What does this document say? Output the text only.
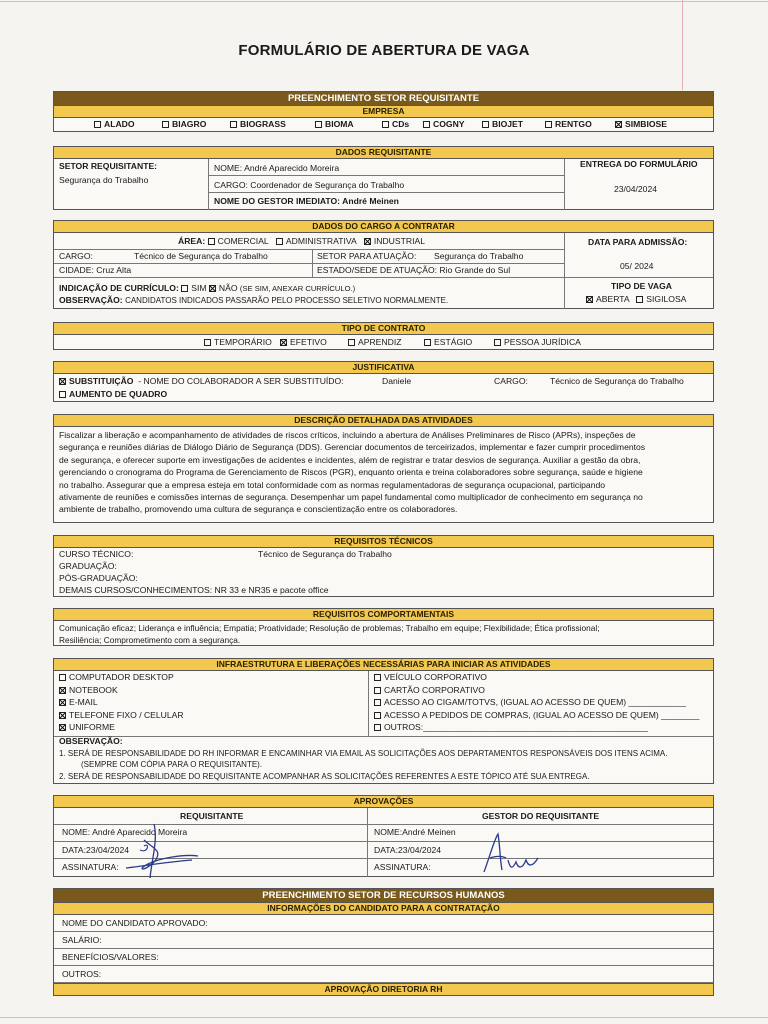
FORMULÁRIO DE ABERTURA DE VAGA
PREENCHIMENTO SETOR REQUISITANTE
EMPRESA
ALADO	BIAGRO	BIOGRASS	BIOMA	CDs	COGNY	BIOJET	RENTGO	SIMBIOSE
DADOS REQUISITANTE
SETOR REQUISITANTE:
Segurança do Trabalho
NOME: André Aparecido Moreira
CARGO: Coordenador de Segurança do Trabalho
NOME DO GESTOR IMEDIATO: André Meinen
ENTREGA DO FORMULÁRIO
23/04/2024
DADOS DO CARGO A CONTRATAR
ÁREA: COMERCIAL ADMINISTRATIVA INDUSTRIAL
CARGO:	Técnico de Segurança do Trabalho	SETOR PARA ATUAÇÃO: Segurança do Trabalho
CIDADE: Cruz Alta	ESTADO/SEDE DE ATUAÇÃO: Rio Grande do Sul
DATA PARA ADMISSÃO:
05/ 2024
INDICAÇÃO DE CURRÍCULO: SIM NÃO (SE SIM, ANEXAR CURRÍCULO.)
OBSERVAÇÃO: CANDIDATOS INDICADOS PASSARÃO PELO PROCESSO SELETIVO NORMALMENTE.
TIPO DE VAGA
ABERTA SIGILOSA
TIPO DE CONTRATO
TEMPORÁRIO	EFETIVO	APRENDIZ	ESTÁGIO	PESSOA JURÍDICA
JUSTIFICATIVA
SUBSTITUIÇÃO - NOME DO COLABORADOR A SER SUBSTITUÍDO:	Daniele	CARGO:	Técnico de Segurança do Trabalho
AUMENTO DE QUADRO
DESCRIÇÃO DETALHADA DAS ATIVIDADES
Fiscalizar a liberação e acompanhamento de atividades de riscos críticos, incluindo a abertura de Análises Preliminares de Risco (APRs), inspeções de
segurança e reuniões diárias de Diálogo Diário de Segurança (DDS). Gerenciar documentos de terceirizados, implementar e fazer cumprir procedimentos
de segurança, e oferecer suporte em investigações de acidentes e incidentes, além de registrar e tratar desvios de segurança. Auxiliar a gestão da obra,
gerenciando o cronograma do Programa de Gerenciamento de Riscos (PGR), enquanto orienta e treina colaboradores sobre segurança, saúde e higiene
no trabalho. Assegurar que a empresa esteja em total conformidade com as normas regulamentadoras de segurança ocupacional, participando
ativamente de reuniões e comissões internas de segurança. Desempenhar um papel fundamental como multiplicador de conhecimento em segurança no
ambiente de trabalho, promovendo uma cultura de segurança e conscientização entre os colaboradores.
REQUISITOS TÉCNICOS
CURSO TÉCNICO:	Técnico de Segurança do Trabalho
GRADUAÇÃO:
PÓS-GRADUAÇÃO:
DEMAIS CURSOS/CONHECIMENTOS: NR 33 e NR35 e pacote office
REQUISITOS COMPORTAMENTAIS
Comunicação eficaz; Liderança e influência; Empatia; Proatividade; Resolução de problemas; Trabalho em equipe; Flexibilidade; Ética profissional;
Resiliência; Comprometimento com a segurança.
INFRAESTRUTURA E LIBERAÇÕES NECESSÁRIAS PARA INICIAR AS ATIVIDADES
COMPUTADOR DESKTOP
NOTEBOOK
E-MAIL
TELEFONE FIXO / CELULAR
UNIFORME
VEÍCULO CORPORATIVO
CARTÃO CORPORATIVO
ACESSO AO CIGAM/TOTVS, (IGUAL AO ACESSO DE QUEM) ____________
ACESSO A PEDIDOS DE COMPRAS, (IGUAL AO ACESSO DE QUEM) ________
OUTROS:_______________________________________________
OBSERVAÇÃO:
1. SERÁ DE RESPONSABILIDADE DO RH INFORMAR E ENCAMINHAR VIA EMAIL AS SOLICITAÇÕES AOS DEPARTAMENTOS RESPONSÁVEIS DOS ITENS ACIMA.
(SEMPRE COM CÓPIA PARA O REQUISITANTE).
2. SERÁ DE RESPONSABILIDADE DO REQUISITANTE ACOMPANHAR AS SOLICITAÇÕES REFERENTES A ESTE TÓPICO ATÉ SUA ENTREGA.
APROVAÇÕES
REQUISITANTE	GESTOR DO REQUISITANTE
NOME: André Aparecido Moreira
DATA:23/04/2024
ASSINATURA:
NOME:André Meinen
DATA:23/04/2024
ASSINATURA:
PREENCHIMENTO SETOR DE RECURSOS HUMANOS
INFORMAÇÕES DO CANDIDATO PARA A CONTRATAÇÃO
NOME DO CANDIDATO APROVADO:
SALÁRIO:
BENEFÍCIOS/VALORES:
OUTROS:
APROVAÇÃO DIRETORIA RH
